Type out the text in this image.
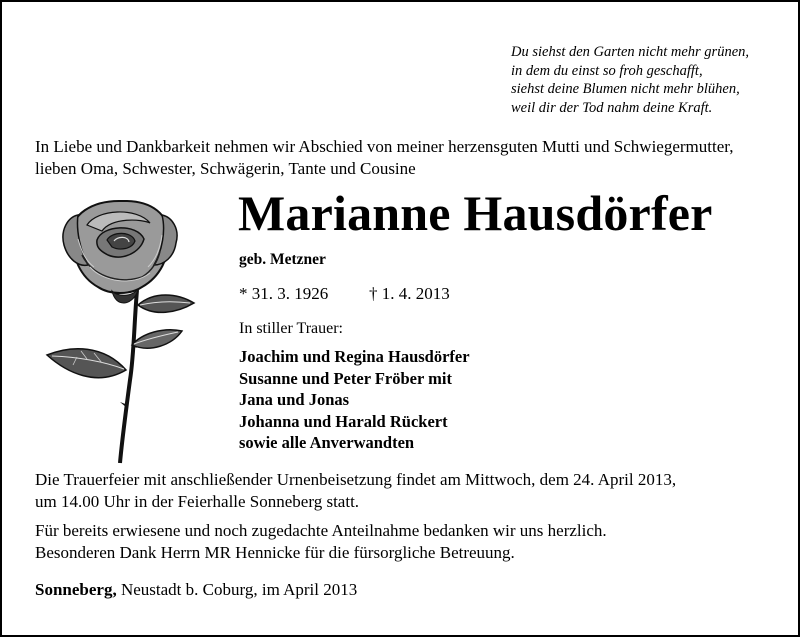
Du siehst den Garten nicht mehr grünen,
in dem du einst so froh geschafft,
siehst deine Blumen nicht mehr blühen,
weil dir der Tod nahm deine Kraft.
In Liebe und Dankbarkeit nehmen wir Abschied von meiner herzensguten Mutti und Schwiegermutter,
lieben Oma, Schwester, Schwägerin, Tante und Cousine
Marianne Hausdörfer
geb. Metzner
* 31. 3. 1926 † 1. 4. 2013
In stiller Trauer:
Joachim und Regina Hausdörfer
Susanne und Peter Fröber mit
Jana und Jonas
Johanna und Harald Rückert
sowie alle Anverwandten
Die Trauerfeier mit anschließender Urnenbeisetzung findet am Mittwoch, dem 24. April 2013,
um 14.00 Uhr in der Feierhalle Sonneberg statt.
Für bereits erwiesene und noch zugedachte Anteilnahme bedanken wir uns herzlich.
Besonderen Dank Herrn MR Hennicke für die fürsorgliche Betreuung.
Sonneberg, Neustadt b. Coburg, im April 2013
